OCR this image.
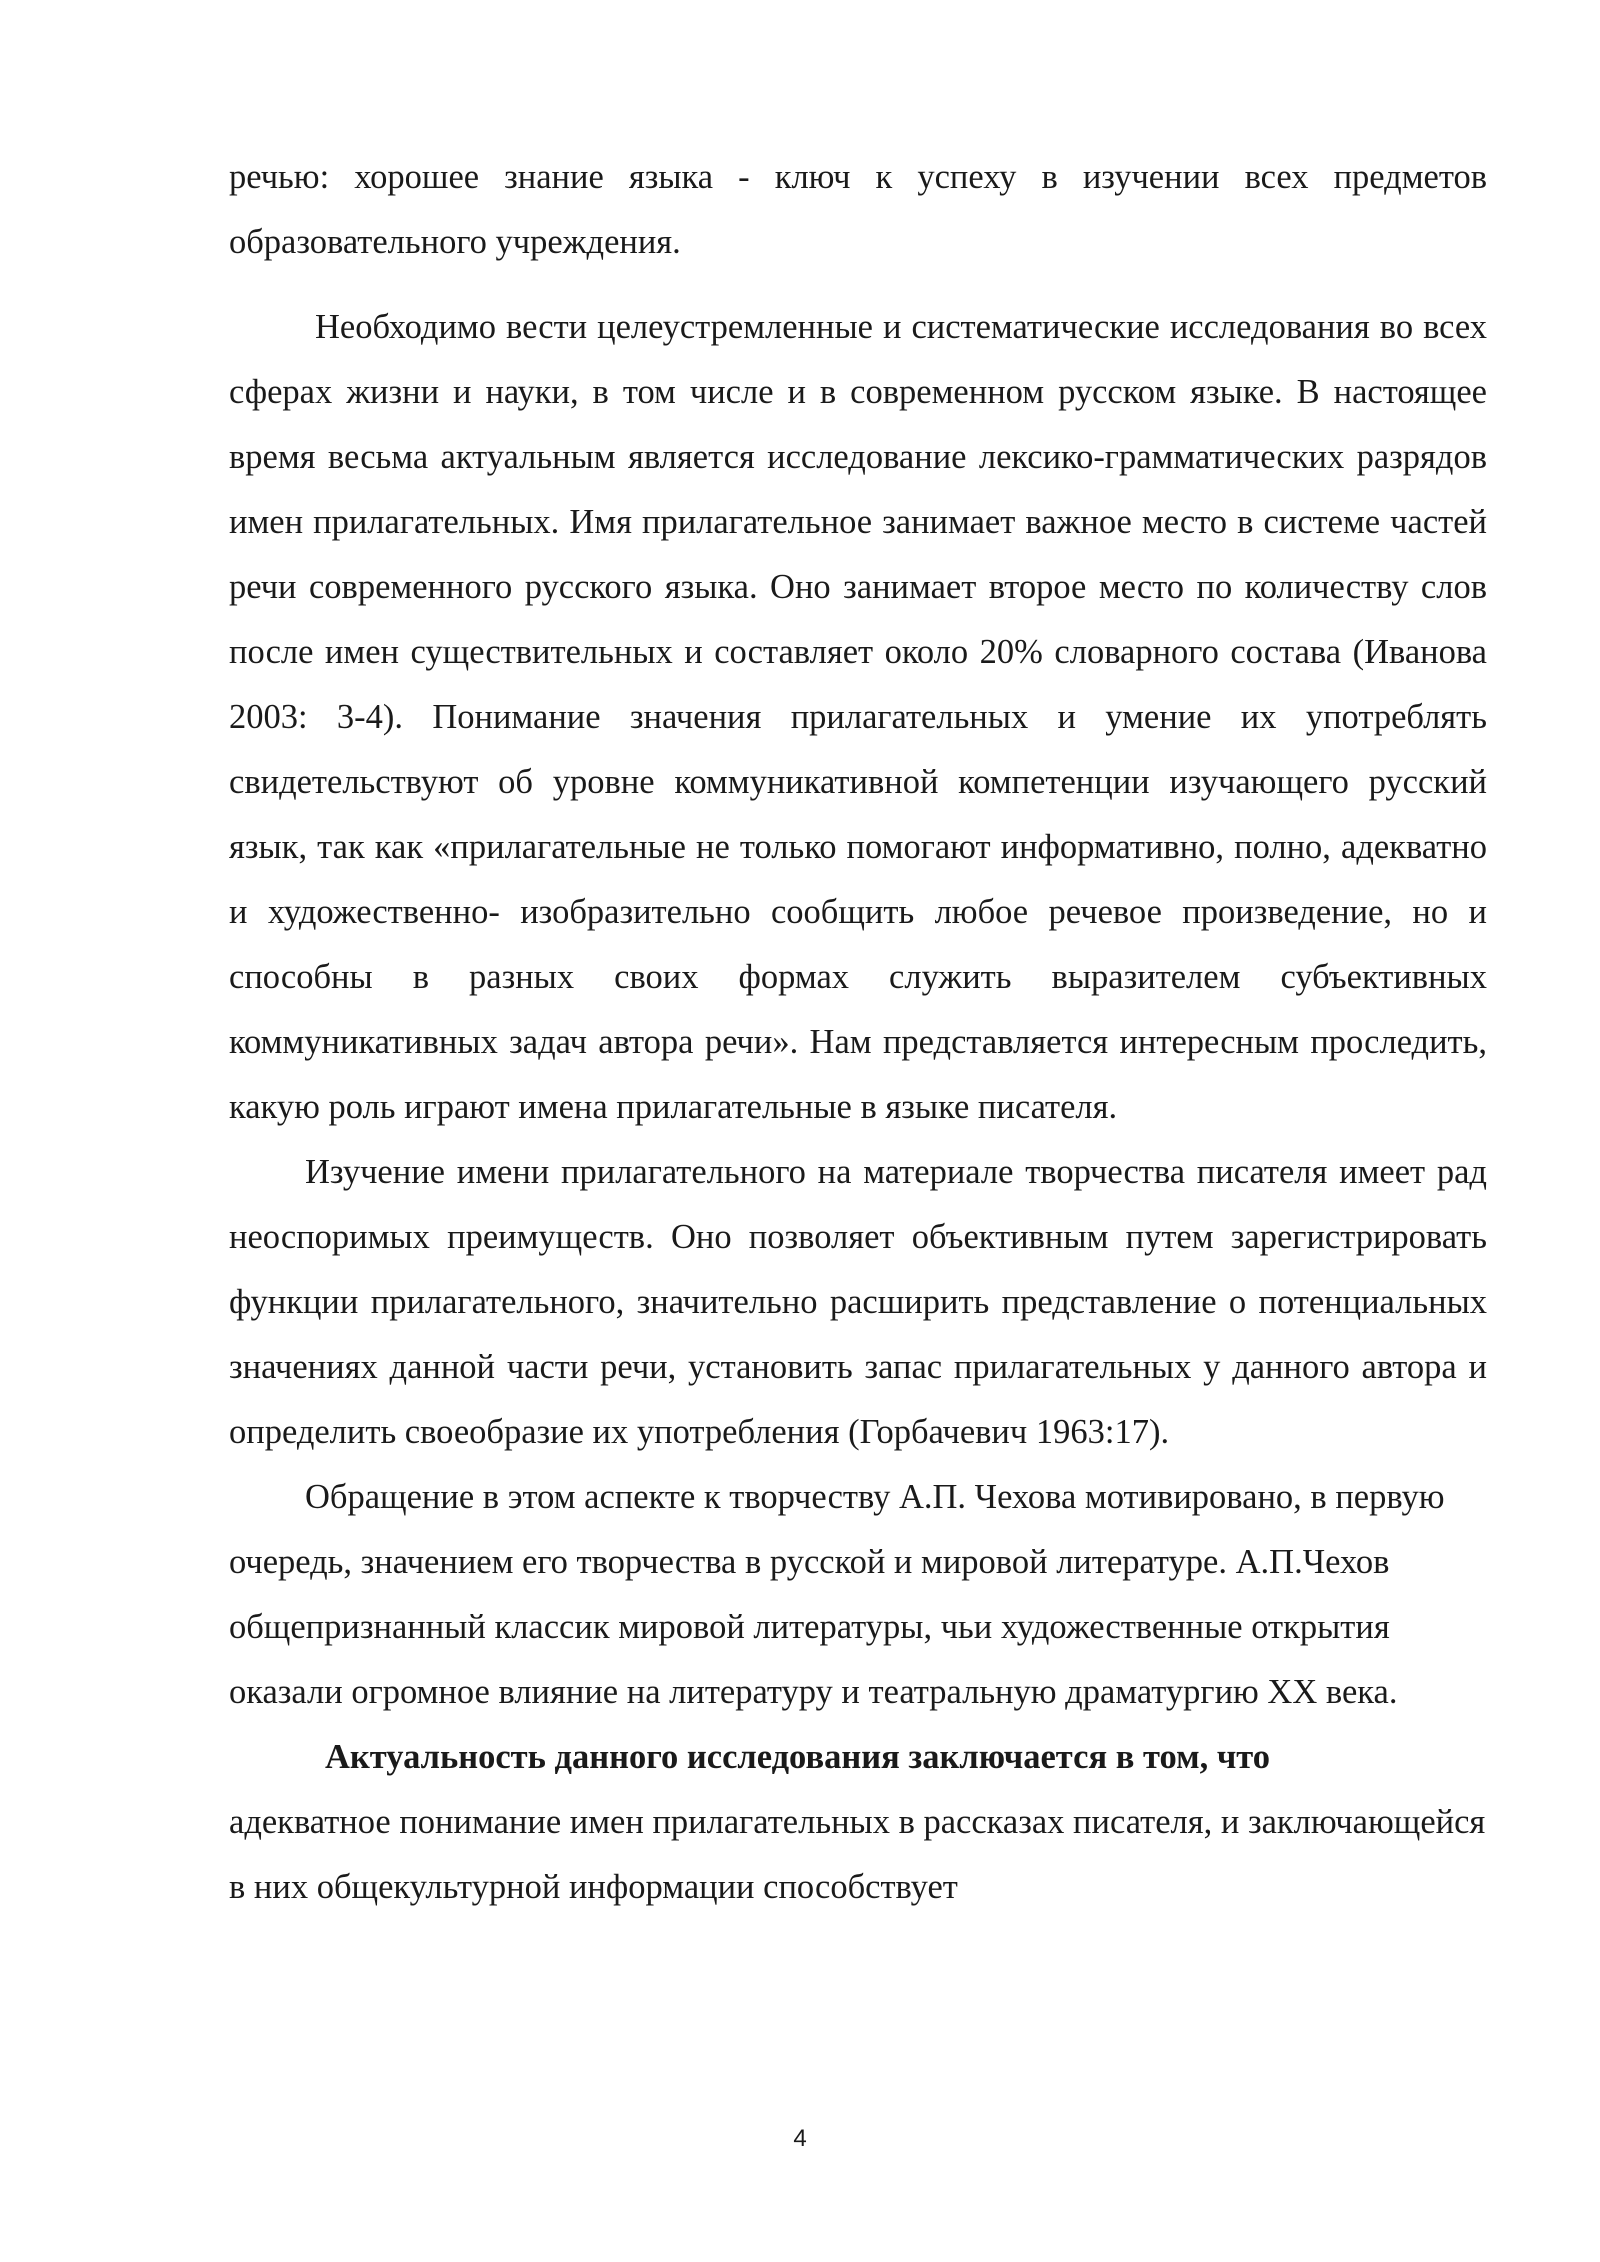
речью: хорошее знание языка - ключ к успеху в изучении всех предметов образовательного учреждения.

Необходимо вести целеустремленные и систематические исследования во всех сферах жизни и науки, в том числе и в современном русском языке. В настоящее время весьма актуальным является исследование лексико-грамматических разрядов имен прилагательных. Имя прилагательное занимает важное место в системе частей речи современного русского языка. Оно занимает второе место по количеству слов после имен существительных и составляет около 20% словарного состава (Иванова 2003: 3-4). Понимание значения прилагательных и умение их употреблять свидетельствуют об уровне коммуникативной компетенции изучающего русский язык, так как «прилагательные не только помогают информативно, полно, адекватно и художественно- изобразительно сообщить любое речевое произведение, но и способны в разных своих формах служить выразителем субъективных коммуникативных задач автора речи». Нам представляется интересным проследить, какую роль играют имена прилагательные в языке писателя.

Изучение имени прилагательного на материале творчества писателя имеет рад неоспоримых преимуществ. Оно позволяет объективным путем зарегистрировать функции прилагательного, значительно расширить представление о потенциальных значениях данной части речи, установить запас прилагательных у данного автора и определить своеобразие их употребления (Горбачевич 1963:17).

Обращение в этом аспекте к творчеству А.П. Чехова мотивировано, в первую очередь, значением его творчества в русской и мировой литературе. А.П.Чехов общепризнанный классик мировой литературы, чьи художественные открытия оказали огромное влияние на литературу и театральную драматургию XX века.

Актуальность данного исследования заключается в том, что
адекватное понимание имен прилагательных в рассказах писателя, и заключающейся в них общекультурной информации способствует

4
